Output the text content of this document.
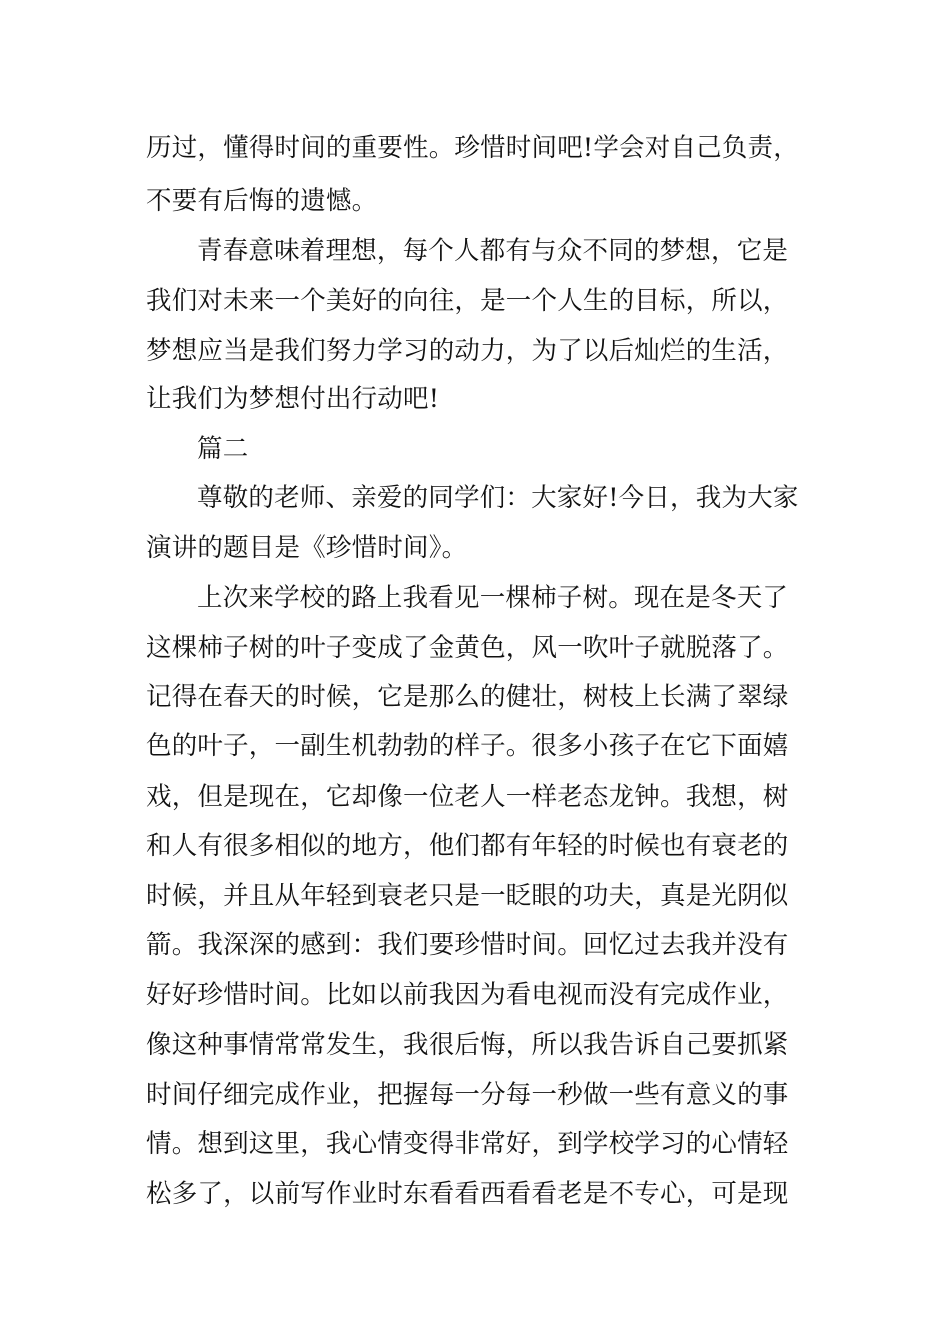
历过，懂得时间的重要性。珍惜时间吧!学会对自己负责，

不要有后悔的遗憾。

青春意味着理想，每个人都有与众不同的梦想，它是

我们对未来一个美好的向往，是一个人生的目标，所以，

梦想应当是我们努力学习的动力，为了以后灿烂的生活，

让我们为梦想付出行动吧!

篇二

尊敬的老师、亲爱的同学们：大家好!今日，我为大家

演讲的题目是《珍惜时间》。

上次来学校的路上我看见一棵柿子树。现在是冬天了

这棵柿子树的叶子变成了金黄色，风一吹叶子就脱落了。

记得在春天的时候，它是那么的健壮，树枝上长满了翠绿

色的叶子，一副生机勃勃的样子。很多小孩子在它下面嬉

戏，但是现在，它却像一位老人一样老态龙钟。我想，树

和人有很多相似的地方，他们都有年轻的时候也有衰老的

时候，并且从年轻到衰老只是一眨眼的功夫，真是光阴似

箭。我深深的感到：我们要珍惜时间。回忆过去我并没有

好好珍惜时间。比如以前我因为看电视而没有完成作业，

像这种事情常常发生，我很后悔，所以我告诉自己要抓紧

时间仔细完成作业，把握每一分每一秒做一些有意义的事

情。想到这里，我心情变得非常好，到学校学习的心情轻

松多了，以前写作业时东看看西看看老是不专心，可是现
